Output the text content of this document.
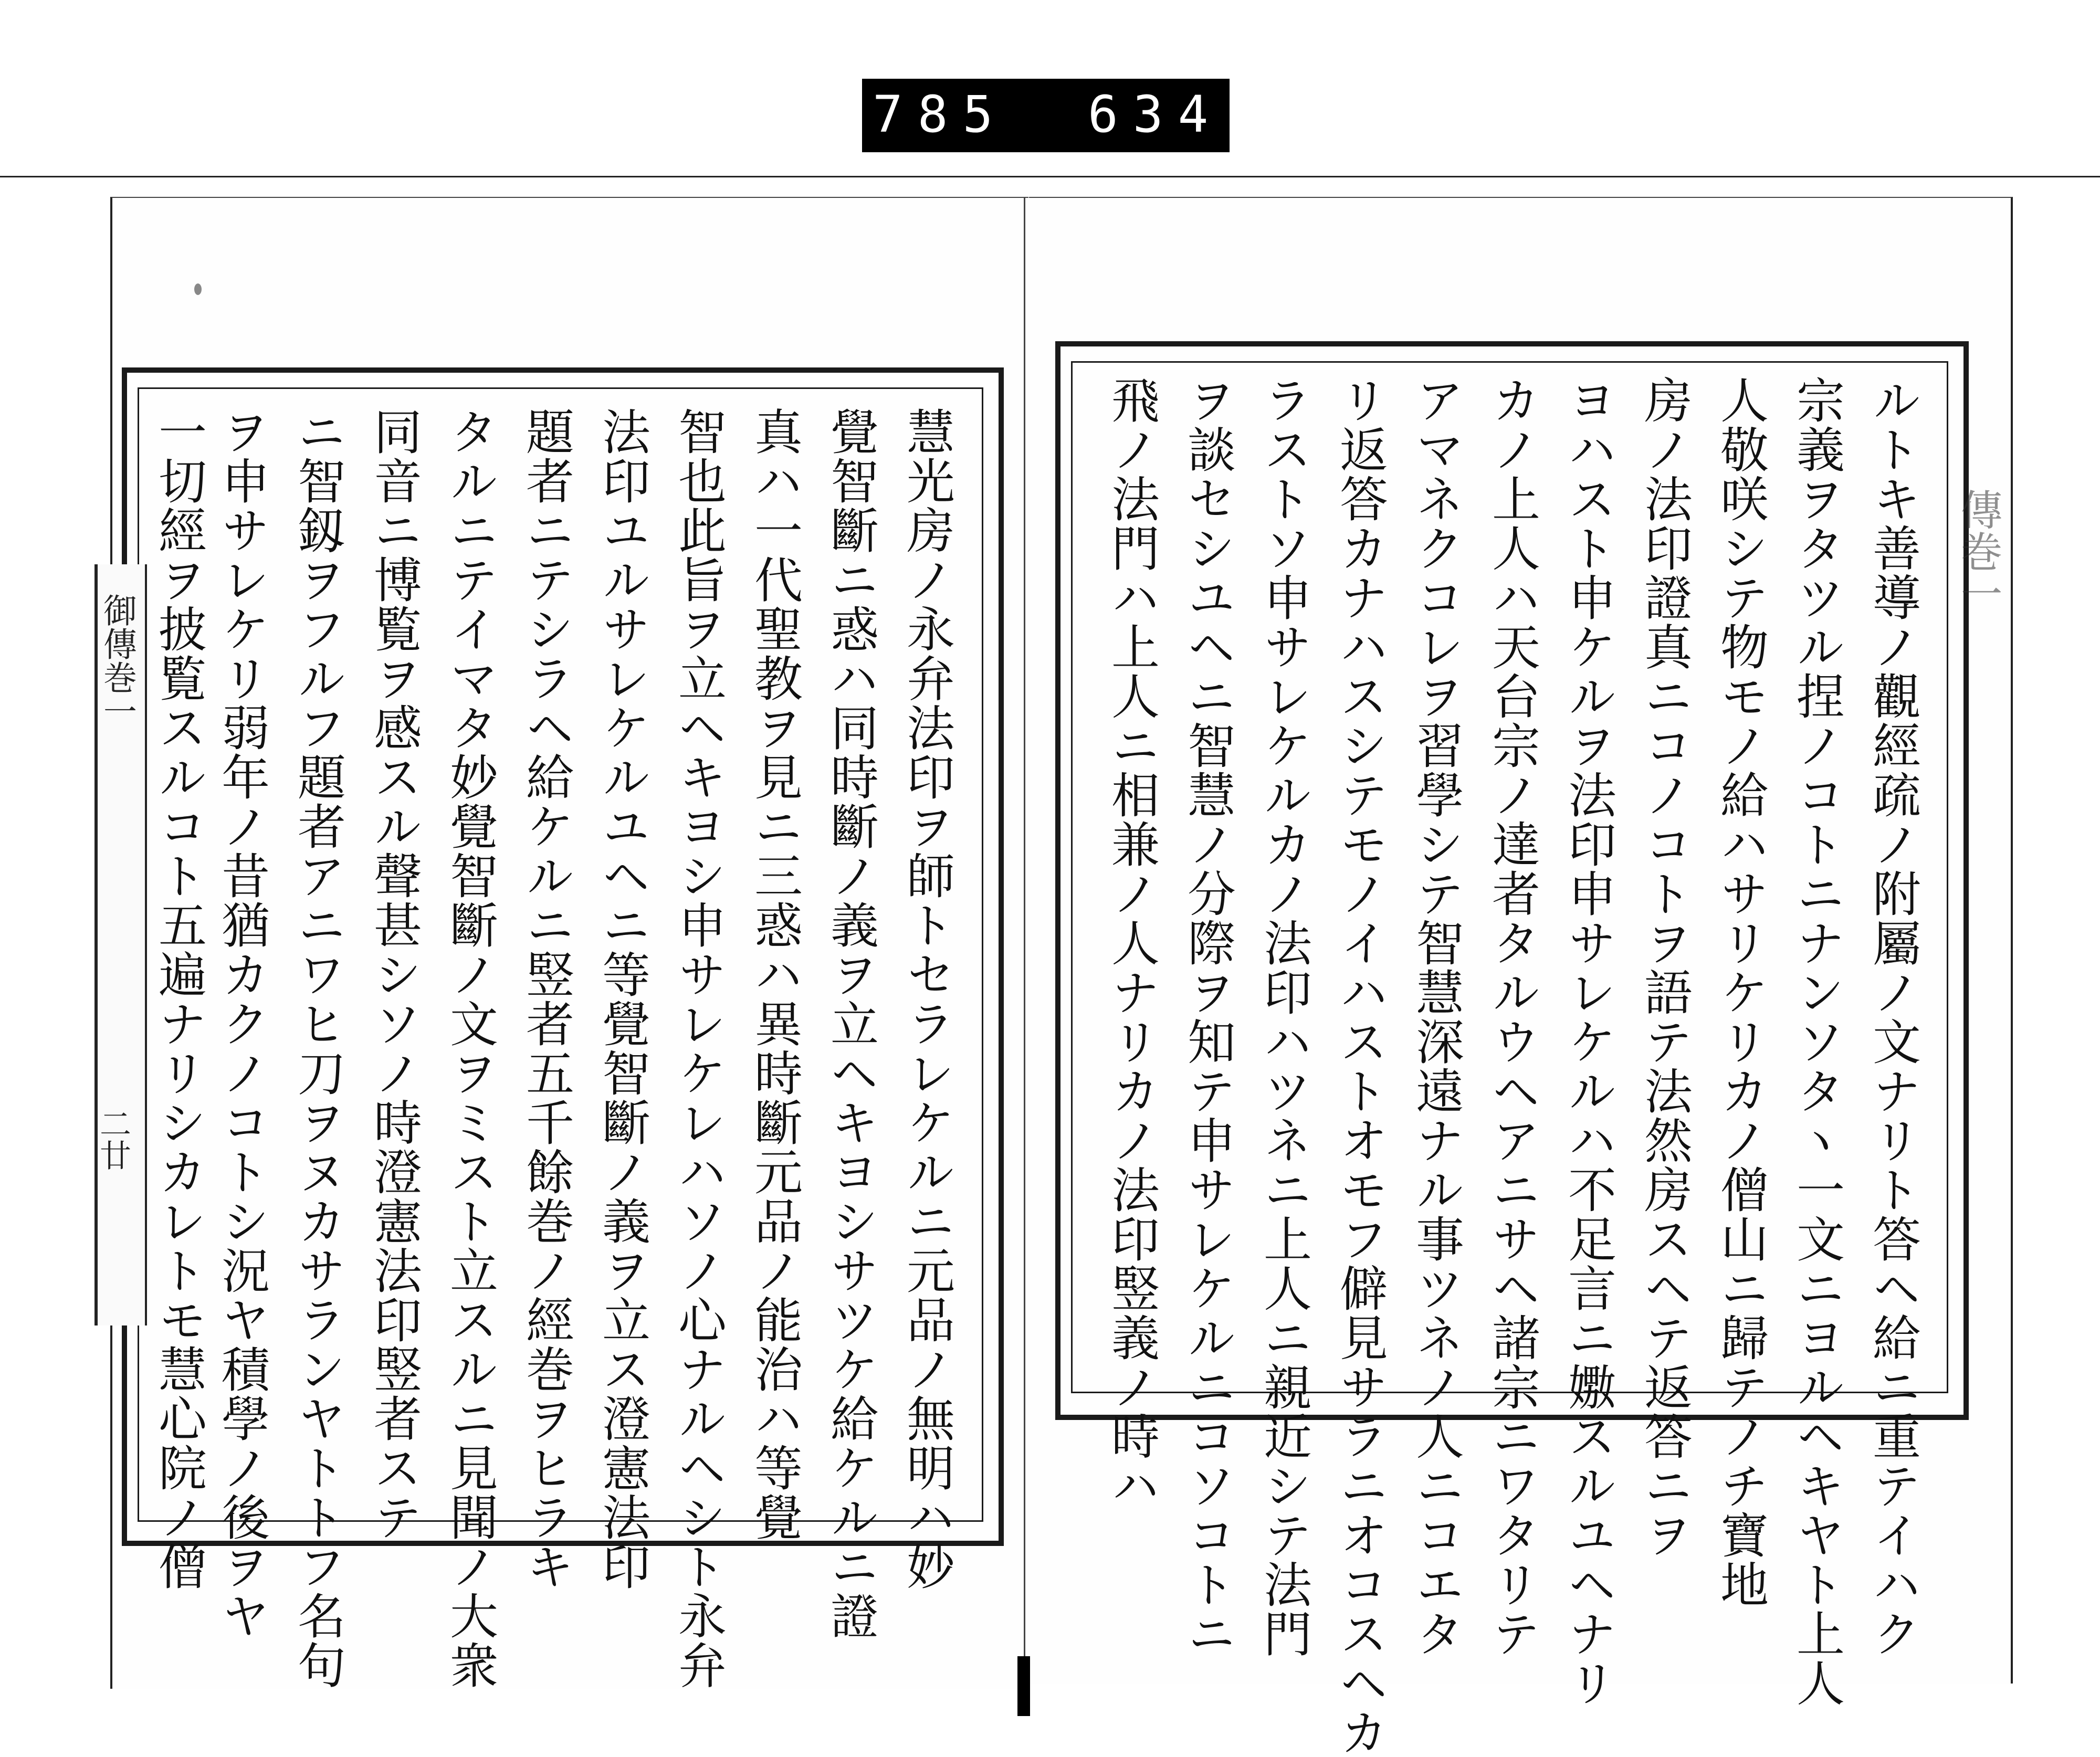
785 634
御傳巻一
二廿
傳巻一
ルトキ善導ノ觀經疏ノ附屬ノ文ナリト答ヘ給ニ重テイハク
宗義ヲタツル捏ノコトニナンソタヽ一文ニヨルヘキヤト上人
人敬咲シテ物モノ給ハサリケリカノ僧山ニ歸テノチ寶地
房ノ法印證真ニコノコトヲ語テ法然房スヘテ返答ニヲ
ヨハスト申ケルヲ法印申サレケルハ不足言ニ嫐スルユヘナリ
カノ上人ハ天台宗ノ達者タルウヘアニサヘ諸宗ニワタリテ
アマネクコレヲ習學シテ智慧深遠ナル事ツネノ人ニコエタ
リ返答カナハスシテモノイハストオモフ僻見サラニオコスヘカ
ラストソ申サレケルカノ法印ハツネニ上人ニ親近シテ法門
ヲ談セシユヘニ智慧ノ分際ヲ知テ申サレケルニコソコトニ
飛ノ法門ハ上人ニ相兼ノ人ナリカノ法印竪義ノ時ハ
慧光房ノ永弁法印ヲ師トセラレケルニ元品ノ無明ハ妙
覺智斷ニ惑ハ同時斷ノ義ヲ立ヘキヨシサツケ給ケルニ證
真ハ一代聖教ヲ見ニ三惑ハ異時斷元品ノ能治ハ等覺
智也此旨ヲ立ヘキヨシ申サレケレハソノ心ナルヘシト永弁
法印ユルサレケルユヘニ等覺智斷ノ義ヲ立ス澄憲法印
題者ニテシラヘ給ケルニ竪者五千餘巻ノ經巻ヲヒラキ
タルニテイマタ妙覺智斷ノ文ヲミスト立スルニ見聞ノ大衆
同音ニ博覧ヲ感スル聲甚シソノ時澄憲法印竪者ステ
ニ智釼ヲフルフ題者アニワヒ刀ヲヌカサランヤトトフ名句
ヲ申サレケリ弱年ノ昔猶カクノコトシ況ヤ積學ノ後ヲヤ
一切經ヲ披覧スルコト五遍ナリシカレトモ慧心院ノ僧
